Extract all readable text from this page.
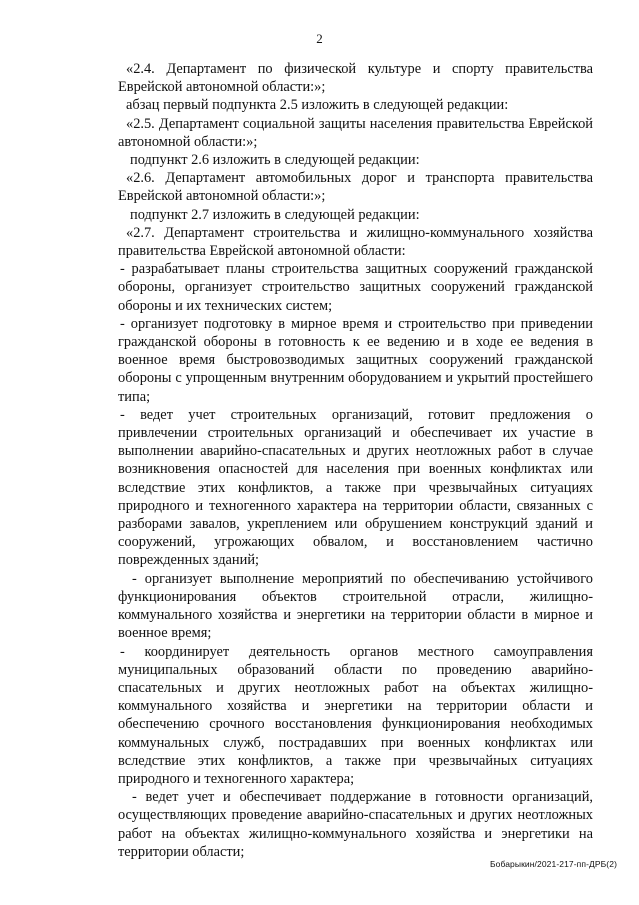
2

«2.4. Департамент по физической культуре и спорту правительства Еврейской автономной области:»;

абзац первый подпункта 2.5 изложить в следующей редакции:

«2.5. Департамент социальной защиты населения правительства Еврейской автономной области:»;

подпункт 2.6 изложить в следующей редакции:

«2.6. Департамент автомобильных дорог и транспорта правительства Еврейской автономной области:»;

подпункт 2.7 изложить в следующей редакции:

«2.7. Департамент строительства и жилищно-коммунального хозяйства правительства Еврейской автономной области:

- разрабатывает планы строительства защитных сооружений гражданской обороны, организует строительство защитных сооружений гражданской обороны и их технических систем;

- организует подготовку в мирное время и строительство при приведении гражданской обороны в готовность к ее ведению и в ходе ее ведения в военное время быстровозводимых защитных сооружений гражданской обороны с упрощенным внутренним оборудованием и укрытий простейшего типа;

- ведет учет строительных организаций, готовит предложения о привлечении строительных организаций и обеспечивает их участие в выполнении аварийно-спасательных и других неотложных работ в случае возникновения опасностей для населения при военных конфликтах или вследствие этих конфликтов, а также при чрезвычайных ситуациях природного и техногенного характера на территории области, связанных с разборами завалов, укреплением или обрушением конструкций зданий и сооружений, угрожающих обвалом, и восстановлением частично поврежденных зданий;

- организует выполнение мероприятий по обеспечиванию устойчивого функционирования объектов строительной отрасли, жилищно-коммунального хозяйства и энергетики на территории области в мирное и военное время;

- координирует деятельность органов местного самоуправления муниципальных образований области по проведению аварийно-спасательных и других неотложных работ на объектах жилищно-коммунального хозяйства и энергетики на территории области и обеспечению срочного восстановления функционирования необходимых коммунальных служб, пострадавших при военных конфликтах или вследствие этих конфликтов, а также при чрезвычайных ситуациях природного и техногенного характера;

- ведет учет и обеспечивает поддержание в готовности организаций, осуществляющих проведение аварийно-спасательных и других неотложных работ на объектах жилищно-коммунального хозяйства и энергетики на территории области;

Бобарыкин/2021-217-пп-ДРБ(2)
